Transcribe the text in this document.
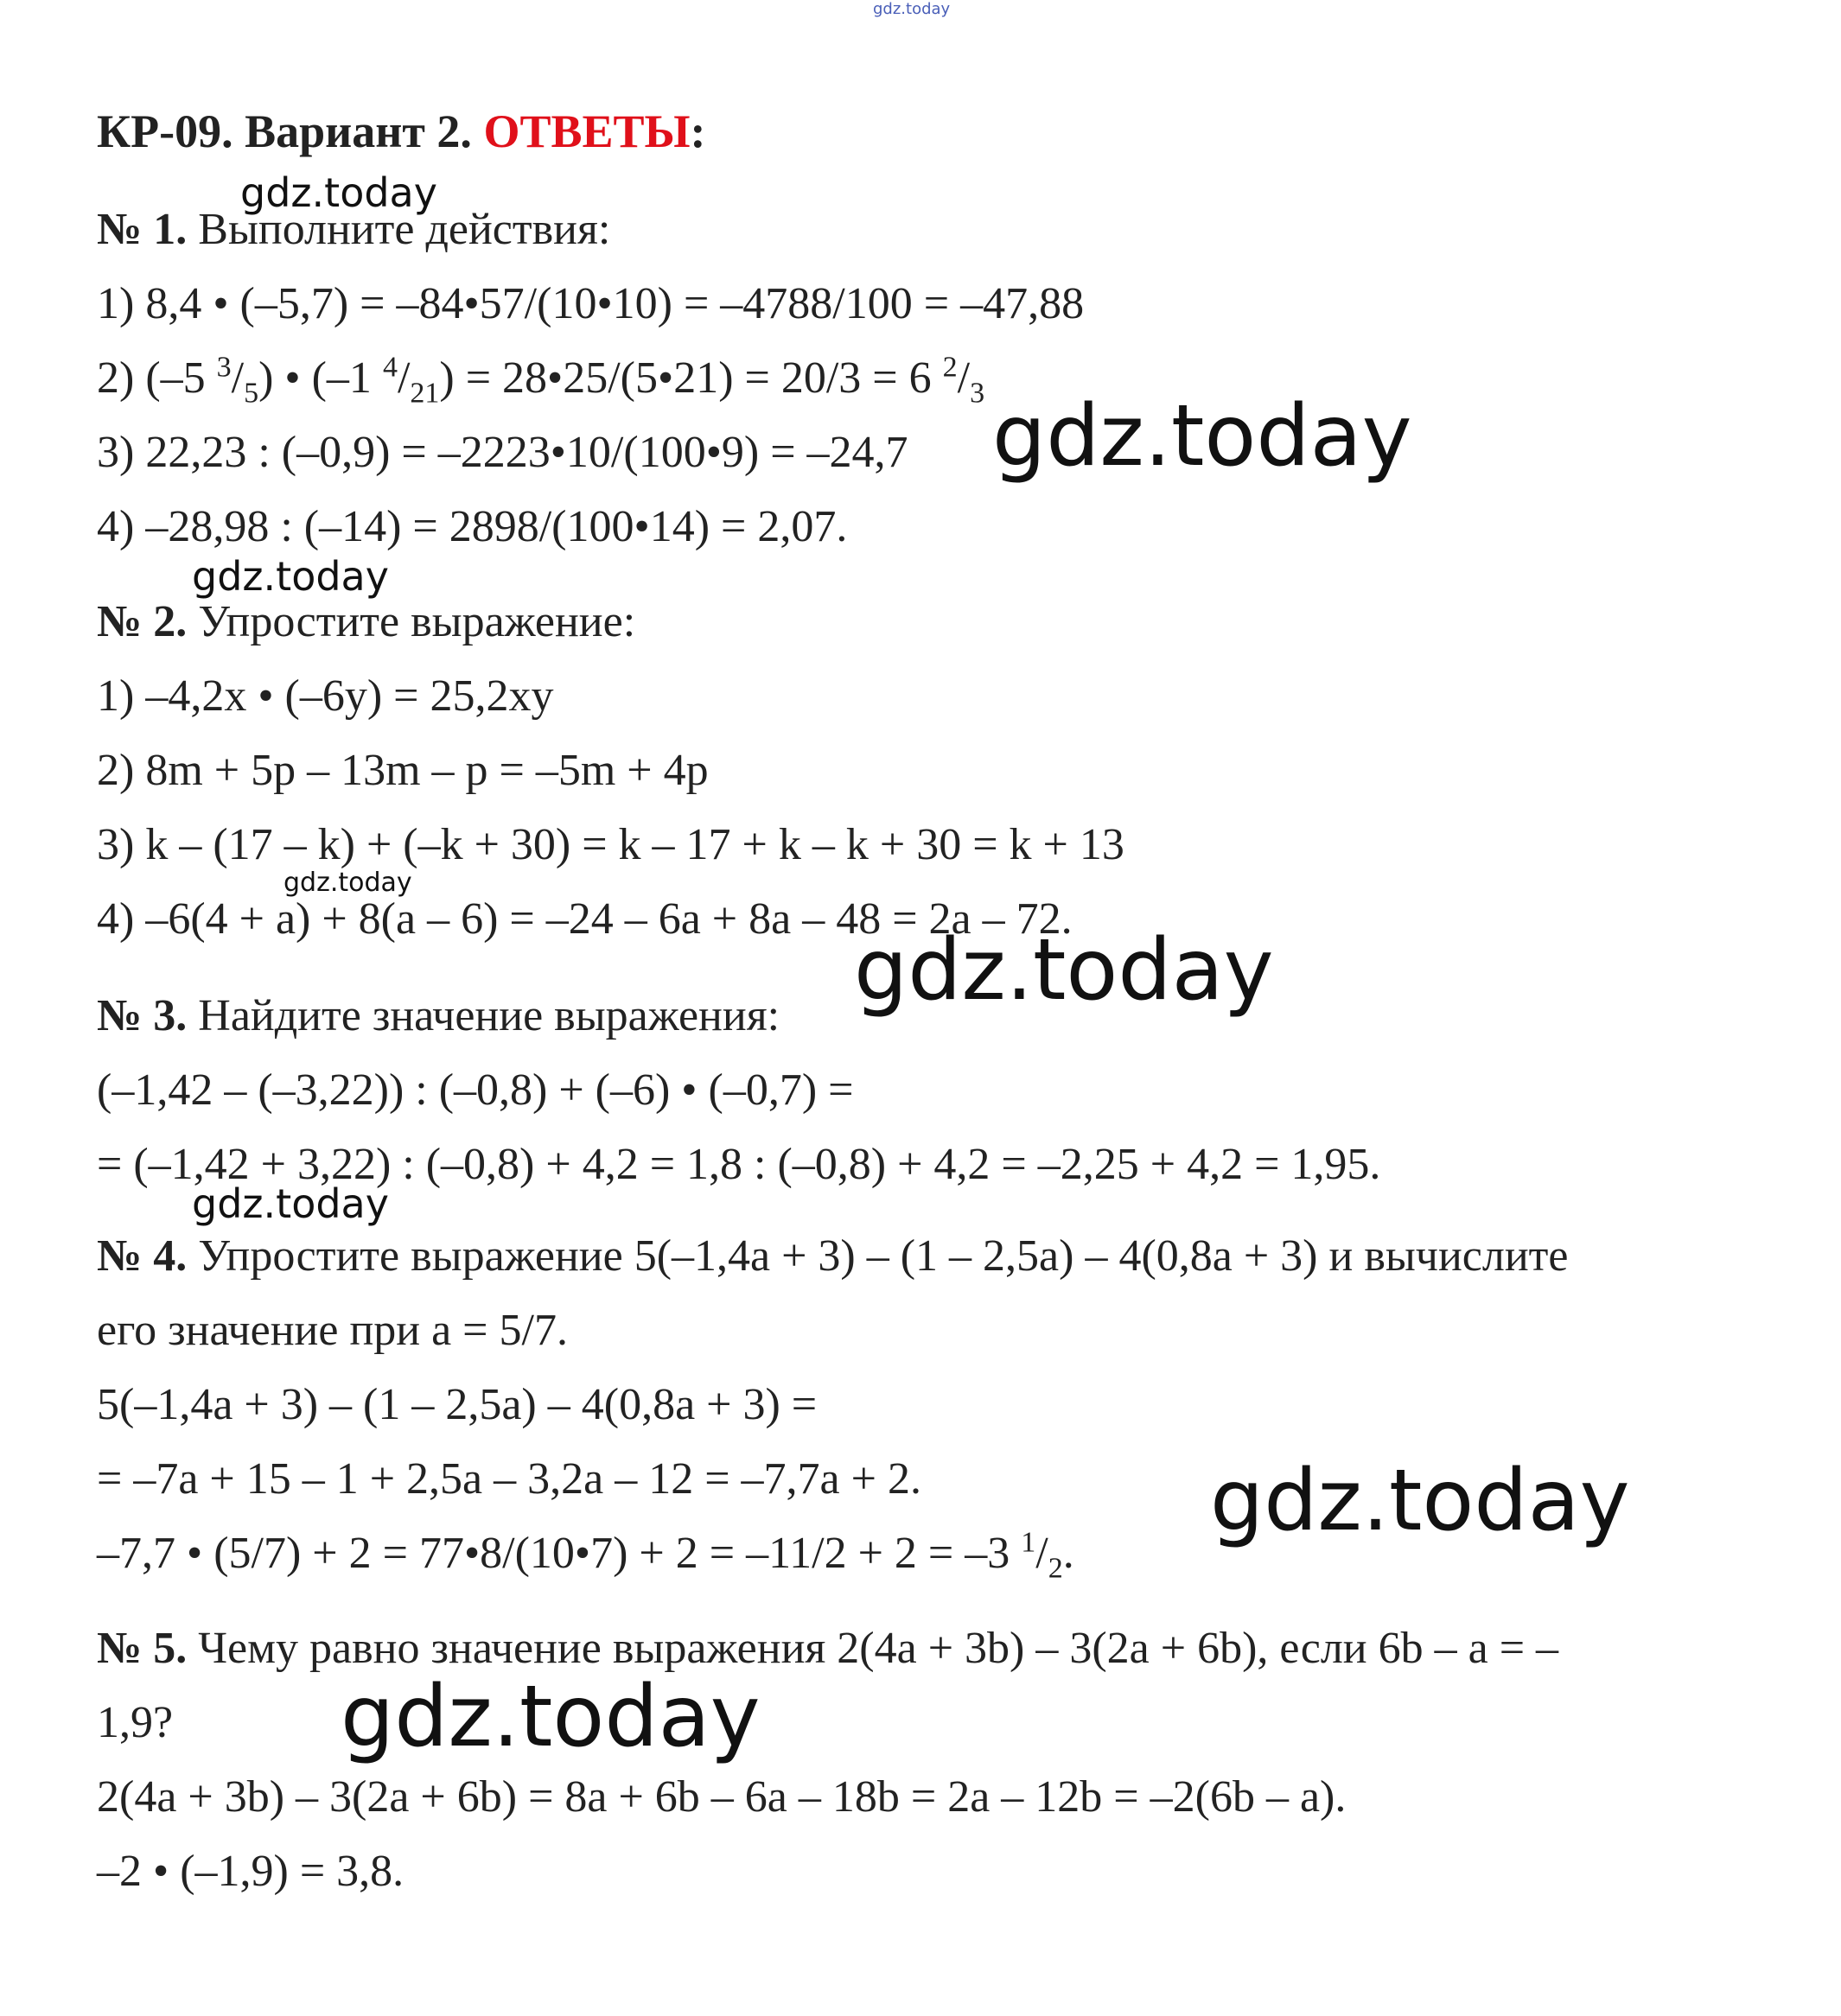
gdz.today
КР-09. Вариант 2. ОТВЕТЫ:
gdz.today
№ 1. Выполните действия:
1) 8,4 • (–5,7) = –84•57/(10•10) = –4788/100 = –47,88
2) (–5 $^3/_5$) • (–1 $^4/_{21}$) = 28•25/(5•21) = 20/3 = 6 $^2/_3$
3) 22,23 : (–0,9) = –2223•10/(100•9) = –24,7 gdz.today
4) –28,98 : (–14) = 2898/(100•14) = 2,07.
gdz.today
№ 2. Упростите выражение:
1) –4,2x • (–6y) = 25,2xy
2) 8m + 5p – 13m – p = –5m + 4p
3) k – (17 – k) + (–k + 30) = k – 17 + k – k + 30 = k + 13
gdz.today
4) –6(4 + a) + 8(a – 6) = –24 – 6a + 8a – 48 = 2a – 72.
gdz.today
№ 3. Найдите значение выражения:
(–1,42 – (–3,22)) : (–0,8) + (–6) • (–0,7) =
= (–1,42 + 3,22) : (–0,8) + 4,2 = 1,8 : (–0,8) + 4,2 = –2,25 + 4,2 = 1,95.
gdz.today
№ 4. Упростите выражение 5(–1,4a + 3) – (1 – 2,5a) – 4(0,8a + 3) и вычислите
его значение при a = 5/7.
5(–1,4a + 3) – (1 – 2,5a) – 4(0,8a + 3) =
= –7a + 15 – 1 + 2,5a – 3,2a – 12 = –7,7a + 2.	gdz.today
–7,7 • (5/7) + 2 = 77•8/(10•7) + 2 = –11/2 + 2 = –3 $^1/_2$.
№ 5. Чему равно значение выражения 2(4a + 3b) – 3(2a + 6b), если 6b – a = –
1,9? gdz.today
2(4a + 3b) – 3(2a + 6b) = 8a + 6b – 6a – 18b = 2a – 12b = –2(6b – a).
–2 • (–1,9) = 3,8.
